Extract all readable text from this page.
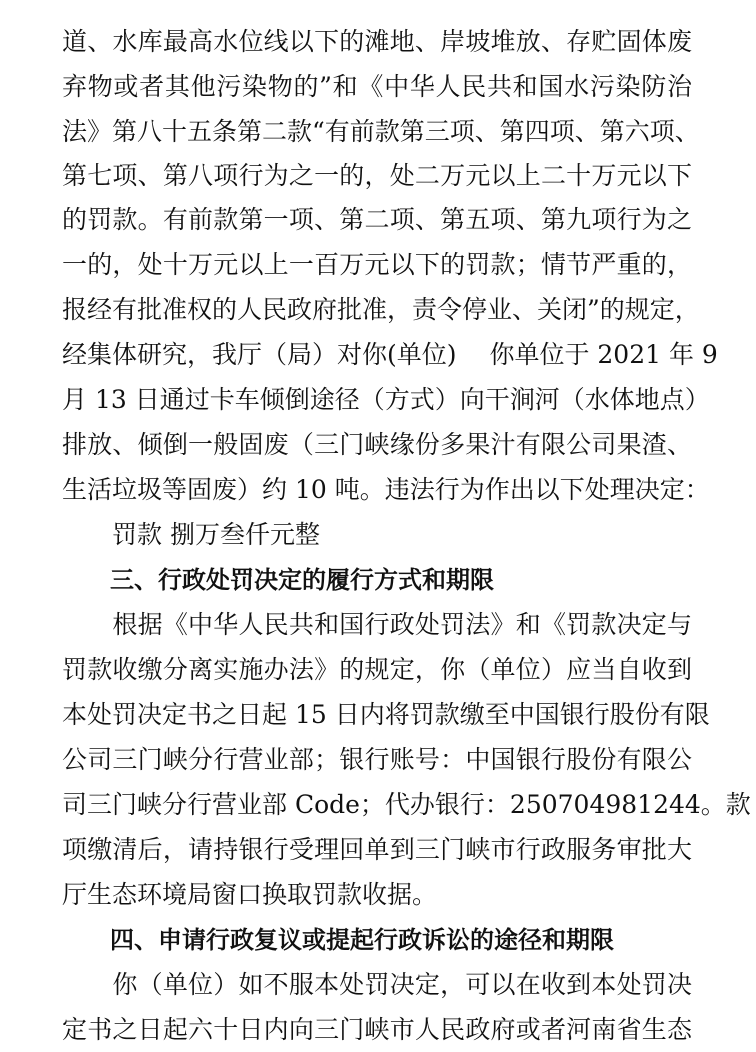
道、水库最高水位线以下的滩地、岸坡堆放、存贮固体废
弃物或者其他污染物的”和《中华人民共和国水污染防治
法》第八十五条第二款“有前款第三项、第四项、第六项、
第七项、第八项行为之一的，处二万元以上二十万元以下
的罚款。有前款第一项、第二项、第五项、第九项行为之
一的，处十万元以上一百万元以下的罚款；情节严重的，
报经有批准权的人民政府批准，责令停业、关闭”的规定，
经集体研究，我厅（局）对你(单位)　 你单位于 2021 年 9
月 13 日通过卡车倾倒途径（方式）向干涧河（水体地点）
排放、倾倒一般固废（三门峡缘份多果汁有限公司果渣、
生活垃圾等固废）约 10 吨。违法行为作出以下处理决定：
　　罚款 捌万叁仟元整
　　三、行政处罚决定的履行方式和期限
　　根据《中华人民共和国行政处罚法》和《罚款决定与
罚款收缴分离实施办法》的规定，你（单位）应当自收到
本处罚决定书之日起 15 日内将罚款缴至中国银行股份有限
公司三门峡分行营业部；银行账号：中国银行股份有限公
司三门峡分行营业部 Code；代办银行：250704981244。款
项缴清后，请持银行受理回单到三门峡市行政服务审批大
厅生态环境局窗口换取罚款收据。
　　四、申请行政复议或提起行政诉讼的途径和期限
　　你（单位）如不服本处罚决定，可以在收到本处罚决
定书之日起六十日内向三门峡市人民政府或者河南省生态
